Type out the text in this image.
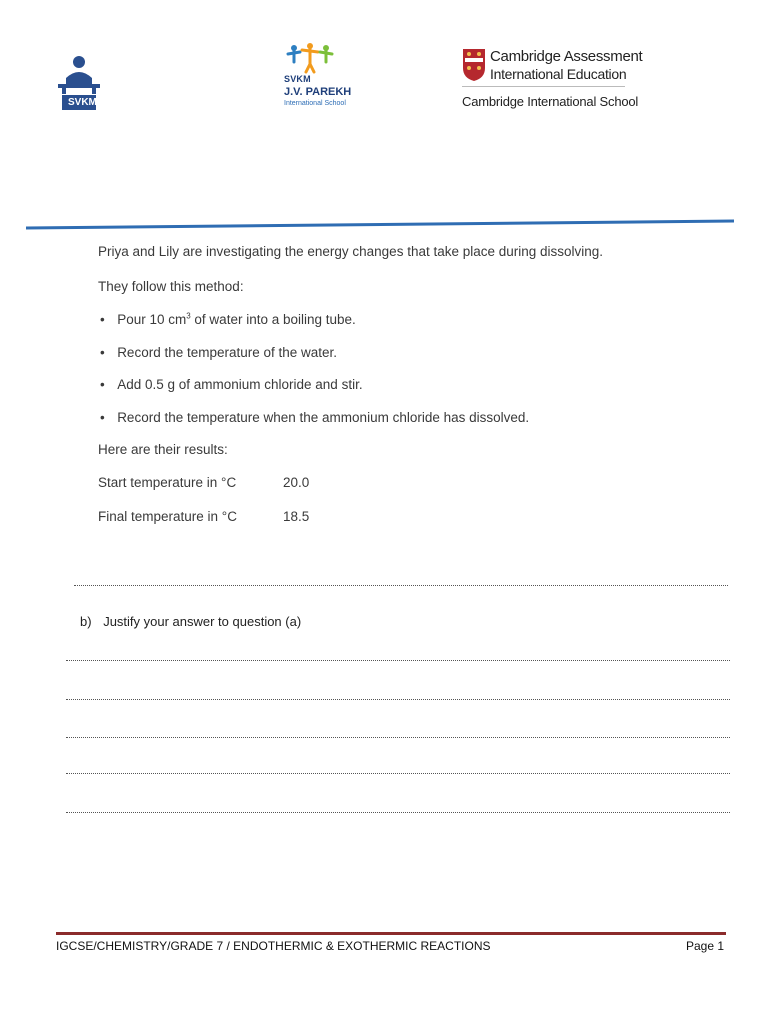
SVKM
SVKM
J.V. PAREKH
International School
Cambridge Assessment
International Education
Cambridge International School
Priya and Lily are investigating the energy changes that take place during dissolving.
They follow this method:
• Pour 10 $cm^3$ of water into a boiling tube.
• Record the temperature of the water.
• Add 0.5 g of ammonium chloride and stir.
• Record the temperature when the ammonium chloride has dissolved.
Here are their results:
Start temperature in °C	20.0
Final temperature in °C	18.5
b) Justify your answer to question (a)
IGCSE/CHEMISTRY/GRADE 7 / ENDOTHERMIC & EXOTHERMIC REACTIONS	Page 1
